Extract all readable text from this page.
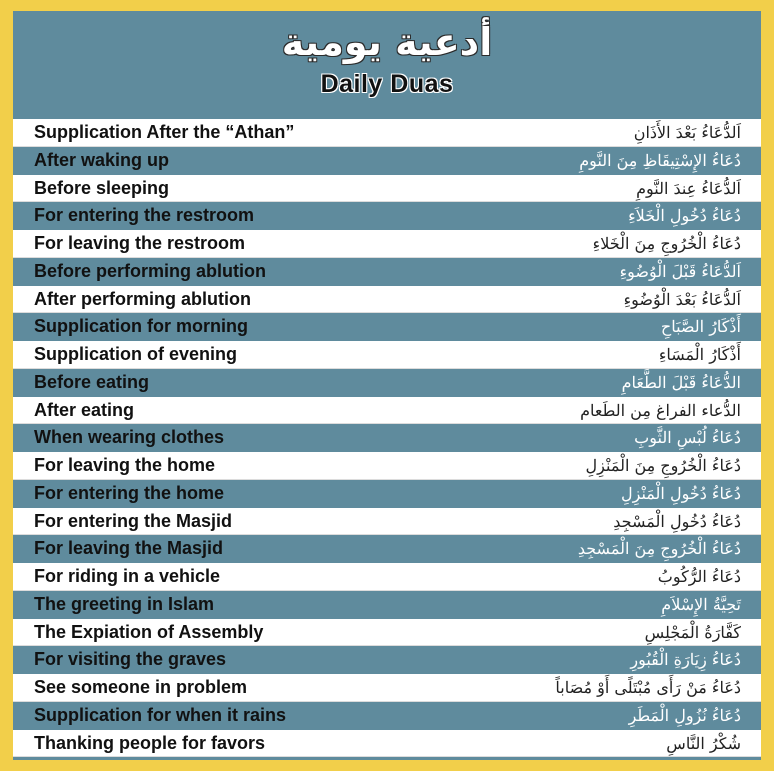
أدعية يومية
Daily Duas
Supplication After the “Athan”	اَلدُّعَاءُ بَعْدَ الأَذَانِ
After waking up	دُعَاءُ الإِسْتِيقَاظِ مِنَ النَّومِ
Before sleeping	اَلدُّعَاءُ عِندَ النَّومِ
For entering the restroom	دُعَاءُ دُخُولِ الْخَلاَءِ
For leaving the restroom	دُعَاءُ الْخُرُوجِ مِنَ الْخَلاءِ
Before performing ablution	اَلدُّعَاءُ قَبْلَ الْوُضُوءِ
After performing ablution	اَلدُّعَاءُ بَعْدَ الْوُضُوءِ
Supplication for morning	أَذْكَارُ الصَّبَاحِ
Supplication of evening	أَذْكَارُ الْمَسَاءِ
Before eating	الدُّعَاءُ قَبْلَ الطَّعَامِ
After eating	الدُّعاء الفراغ مِن الطَعام
When wearing clothes	دُعَاءُ لُبْسِ الثَّوبِ
For leaving the home	دُعَاءُ الْخُرُوجِ مِنَ الْمَنْزِلِ
For entering the home	دُعَاءُ دُخُولِ الْمَنْزِلِ
For entering the Masjid	دُعَاءُ دُخُولِ الْمَسْجِدِ
For leaving the Masjid	دُعَاءُ الْخُرُوجِ مِنَ الْمَسْجِدِ
For riding in a vehicle	دُعَاءُ الرُّكُوبُ
The greeting in Islam	تَحِيَّةُ الإِسْلاَمِ
The Expiation of Assembly	كَفَّارَةُ الْمَجْلِسِ
For visiting the graves	دُعَاءُ زِيَارَةِ الْقُبُورِ
See someone in problem	دُعَاءُ مَنْ رَأَى مُبْتَلًى أَوْ مُصَاباً
Supplication for when it rains	دُعَاءُ نُزُولِ الْمَطَرِ
Thanking people for favors	شُكْرُ النَّاسِ
